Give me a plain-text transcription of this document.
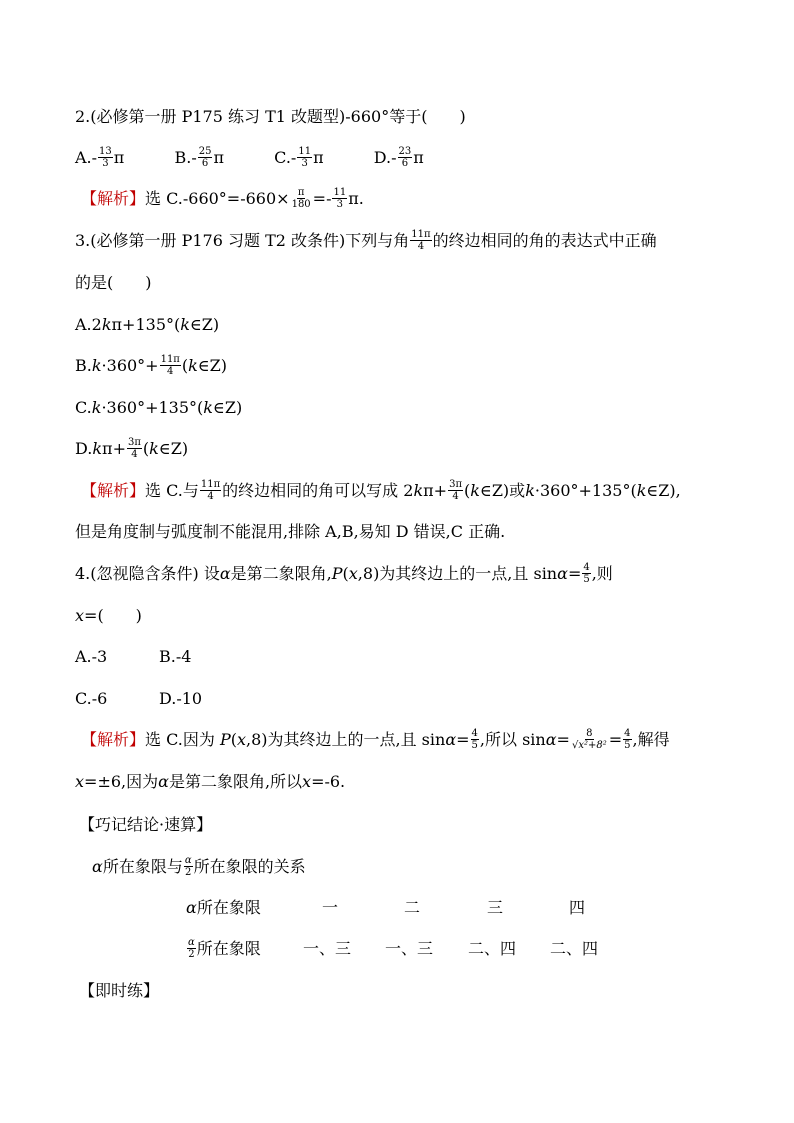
2.(必修第一册 P175 练习 T1 改题型)-660°等于(　　)
$A.- \frac{13}{3}$ π	$B.- \frac{25}{6}$ π	$C.- \frac{11}{3}$ π	$D.- \frac{23}{6}$ π
【解析】选 $C.-660^\circ=-660\times \frac{\pi}{180} =- \frac{11}{3} \pi$.
3.(必修第一册 P176 习题 T2 改条件)下列与角 $\frac{11\pi}{4}$ 的终边相同的角的表达式中正确
的是(　　)
A.2kπ+135°(k∈Z)
$B.k\cdot 360^\circ+ \frac{11\pi}{4}$ (k∈Z)
C.k·360°+135°(k∈Z)
$D.k\pi+ \frac{3\pi}{4}$ (k∈Z)
【解析】选 C.与 $\frac{11\pi}{4}$ 的终边相同的角可以写成 $2k\pi+ \frac{3\pi}{4}$ (k∈Z)或k·360°+135°(k∈Z),
但是角度制与弧度制不能混用,排除 A,B,易知 D 错误,C 正确.
4.(忽视隐含条件) 设α是第二象限角,P(x,8)为其终边上的一点,且 $\sin\alpha= \frac{4}{5}$ ,则
x=(　　)
A.-3	B.-4
C.-6	D.-10
【解析】选 C.因为 P(x,8)为其终边上的一点,且 $\sin\alpha= \frac{4}{5}$ ,所以 $\sin\alpha= \frac{8}{\text{√x²+8²}} = \frac{4}{5}$ ,解得
x=±6,因为α是第二象限角,所以x=-6.
【巧记结论·速算】
α所在象限与 $\frac{\alpha}{2}$ 所在象限的关系
α所在象限	一	二	三	四
$\frac{\alpha}{2}$ 所在象限	一、三 一、三 二、四 二、四
【即时练】
